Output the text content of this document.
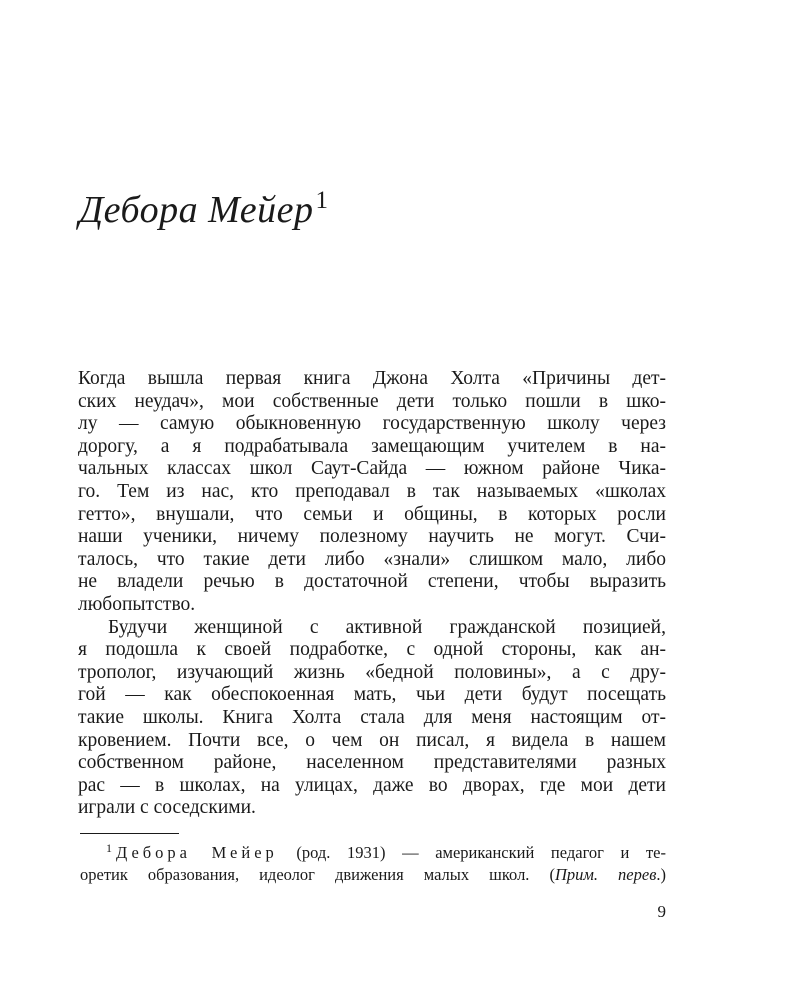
Дебора Мейер$^1$
Когда вышла первая книга Джона Холта «Причины дет-
ских неудач», мои собственные дети только пошли в шко-
лу — самую обыкновенную государственную школу через
дорогу, а я подрабатывала замещающим учителем в на-
чальных классах школ Саут-Сайда — южном районе Чика-
го. Тем из нас, кто преподавал в так называемых «школах
гетто», внушали, что семьи и общины, в которых росли
наши ученики, ничему полезному научить не могут. Счи-
талось, что такие дети либо «знали» слишком мало, либо
не владели речью в достаточной степени, чтобы выразить
любопытство.
Будучи женщиной с активной гражданской позицией,
я подошла к своей подработке, с одной стороны, как ан-
трополог, изучающий жизнь «бедной половины», а с дру-
гой — как обеспокоенная мать, чьи дети будут посещать
такие школы. Книга Холта стала для меня настоящим от-
кровением. Почти все, о чем он писал, я видела в нашем
собственном районе, населенном представителями разных
рас — в школах, на улицах, даже во дворах, где мои дети
играли с соседскими.
$^1$ Дебора Мейер (род. 1931) — американский педагог и те-
оретик образования, идеолог движения малых школ. (Прим. перев.)
9
